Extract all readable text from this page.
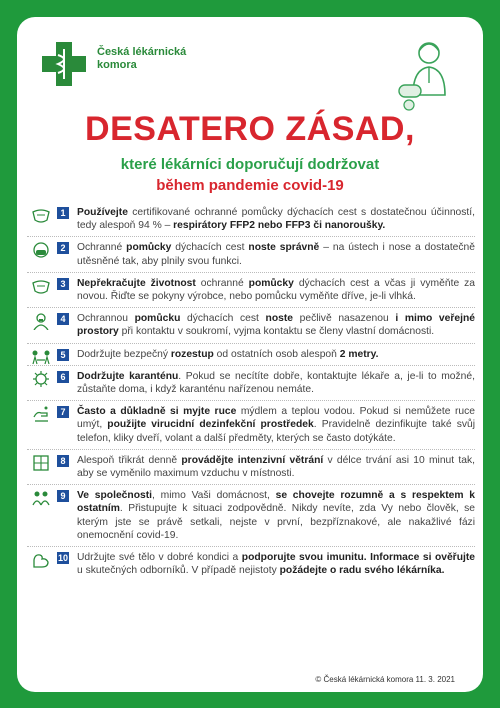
Česká lékárnická
komora
DESATERO ZÁSAD,
které lékárníci doporučují dodržovat
během pandemie covid-19
1	Používejte certifikované ochranné pomůcky dýchacích cest s dostatečnou účinností, tedy alespoň 94 % – respirátory FFP2 nebo FFP3 či nanoroušky.
2	Ochranné pomůcky dýchacích cest noste správně – na ústech i nose a dostatečně utěsněné tak, aby plnily svou funkci.
3	Nepřekračujte životnost ochranné pomůcky dýchacích cest a včas ji vyměňte za novou. Řiďte se pokyny výrobce, nebo pomůcku vyměňte dříve, je-li vlhká.
4	Ochrannou pomůcku dýchacích cest noste pečlivě nasazenou i mimo veřejné prostory při kontaktu v soukromí, vyjma kontaktu se členy vlastní domácnosti.
5	Dodržujte bezpečný rozestup od ostatních osob alespoň 2 metry.
6	Dodržujte karanténu. Pokud se necítíte dobře, kontaktujte lékaře a, je-li to možné, zůstaňte doma, i když karanténu nařízenou nemáte.
7	Často a důkladně si myjte ruce mýdlem a teplou vodou. Pokud si nemůžete ruce umýt, použijte virucidní dezinfekční prostředek. Pravidelně dezinfikujte také svůj telefon, kliky dveří, volant a další předměty, kterých se často dotýkáte.
8	Alespoň třikrát denně provádějte intenzivní větrání v délce trvání asi 10 minut tak, aby se vyměnilo maximum vzduchu v místnosti.
9	Ve společnosti, mimo Vaši domácnost, se chovejte rozumně a s respektem k ostatním. Přistupujte k situaci zodpovědně. Nikdy nevíte, zda Vy nebo člověk, se kterým jste se právě setkali, nejste v první, bezpříznakové, ale nakažlivé fázi onemocnění covid-19.
10 Udržujte své tělo v dobré kondici a podporujte svou imunitu. Informace si ověřujte u skutečných odborníků. V případě nejistoty požádejte o radu svého lékárníka.
© Česká lékárnická komora 11. 3. 2021
